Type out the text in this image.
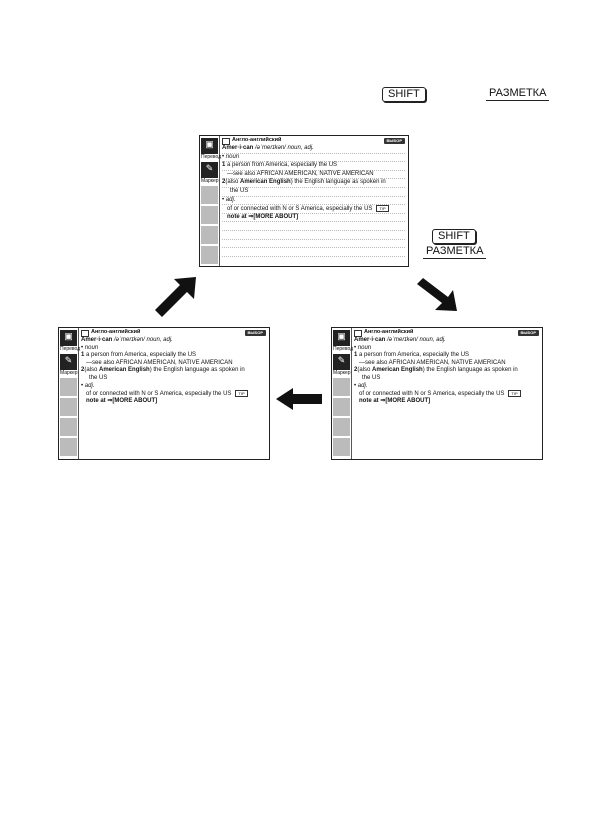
SHIFT	РАЗМЕТКА
SHIFT
РАЗМЕТКА
▣
Перевод
✎
Маркер
Англо-английский	ВЫБОР
Amer·i·can /əˈmerɪkən/ noun, adj.
• noun
1 a person from America, especially the US
—see also AFRICAN AMERICAN, NATIVE AMERICAN
2(also American English) the English language as spoken in
the US
• adj.
of or connected with N or S America, especially the US TIP
note at ⇒[MORE ABOUT]
▣
Перевод
✎
Маркер
Англо-английский	ВЫБОР
Amer·i·can /əˈmerɪkən/ noun, adj.
• noun
1 a person from America, especially the US
—see also AFRICAN AMERICAN, NATIVE AMERICAN
2(also American English) the English language as spoken in
the US
• adj.
of or connected with N or S America, especially the US TIP
note at ⇒[MORE ABOUT]
▣
Перевод
✎
Маркер
Англо-английский	ВЫБОР
Amer·i·can /əˈmerɪkən/ noun, adj.
• noun
1 a person from America, especially the US
—see also AFRICAN AMERICAN, NATIVE AMERICAN
2(also American English) the English language as spoken in
the US
• adj.
of or connected with N or S America, especially the US TIP
note at ⇒[MORE ABOUT]
